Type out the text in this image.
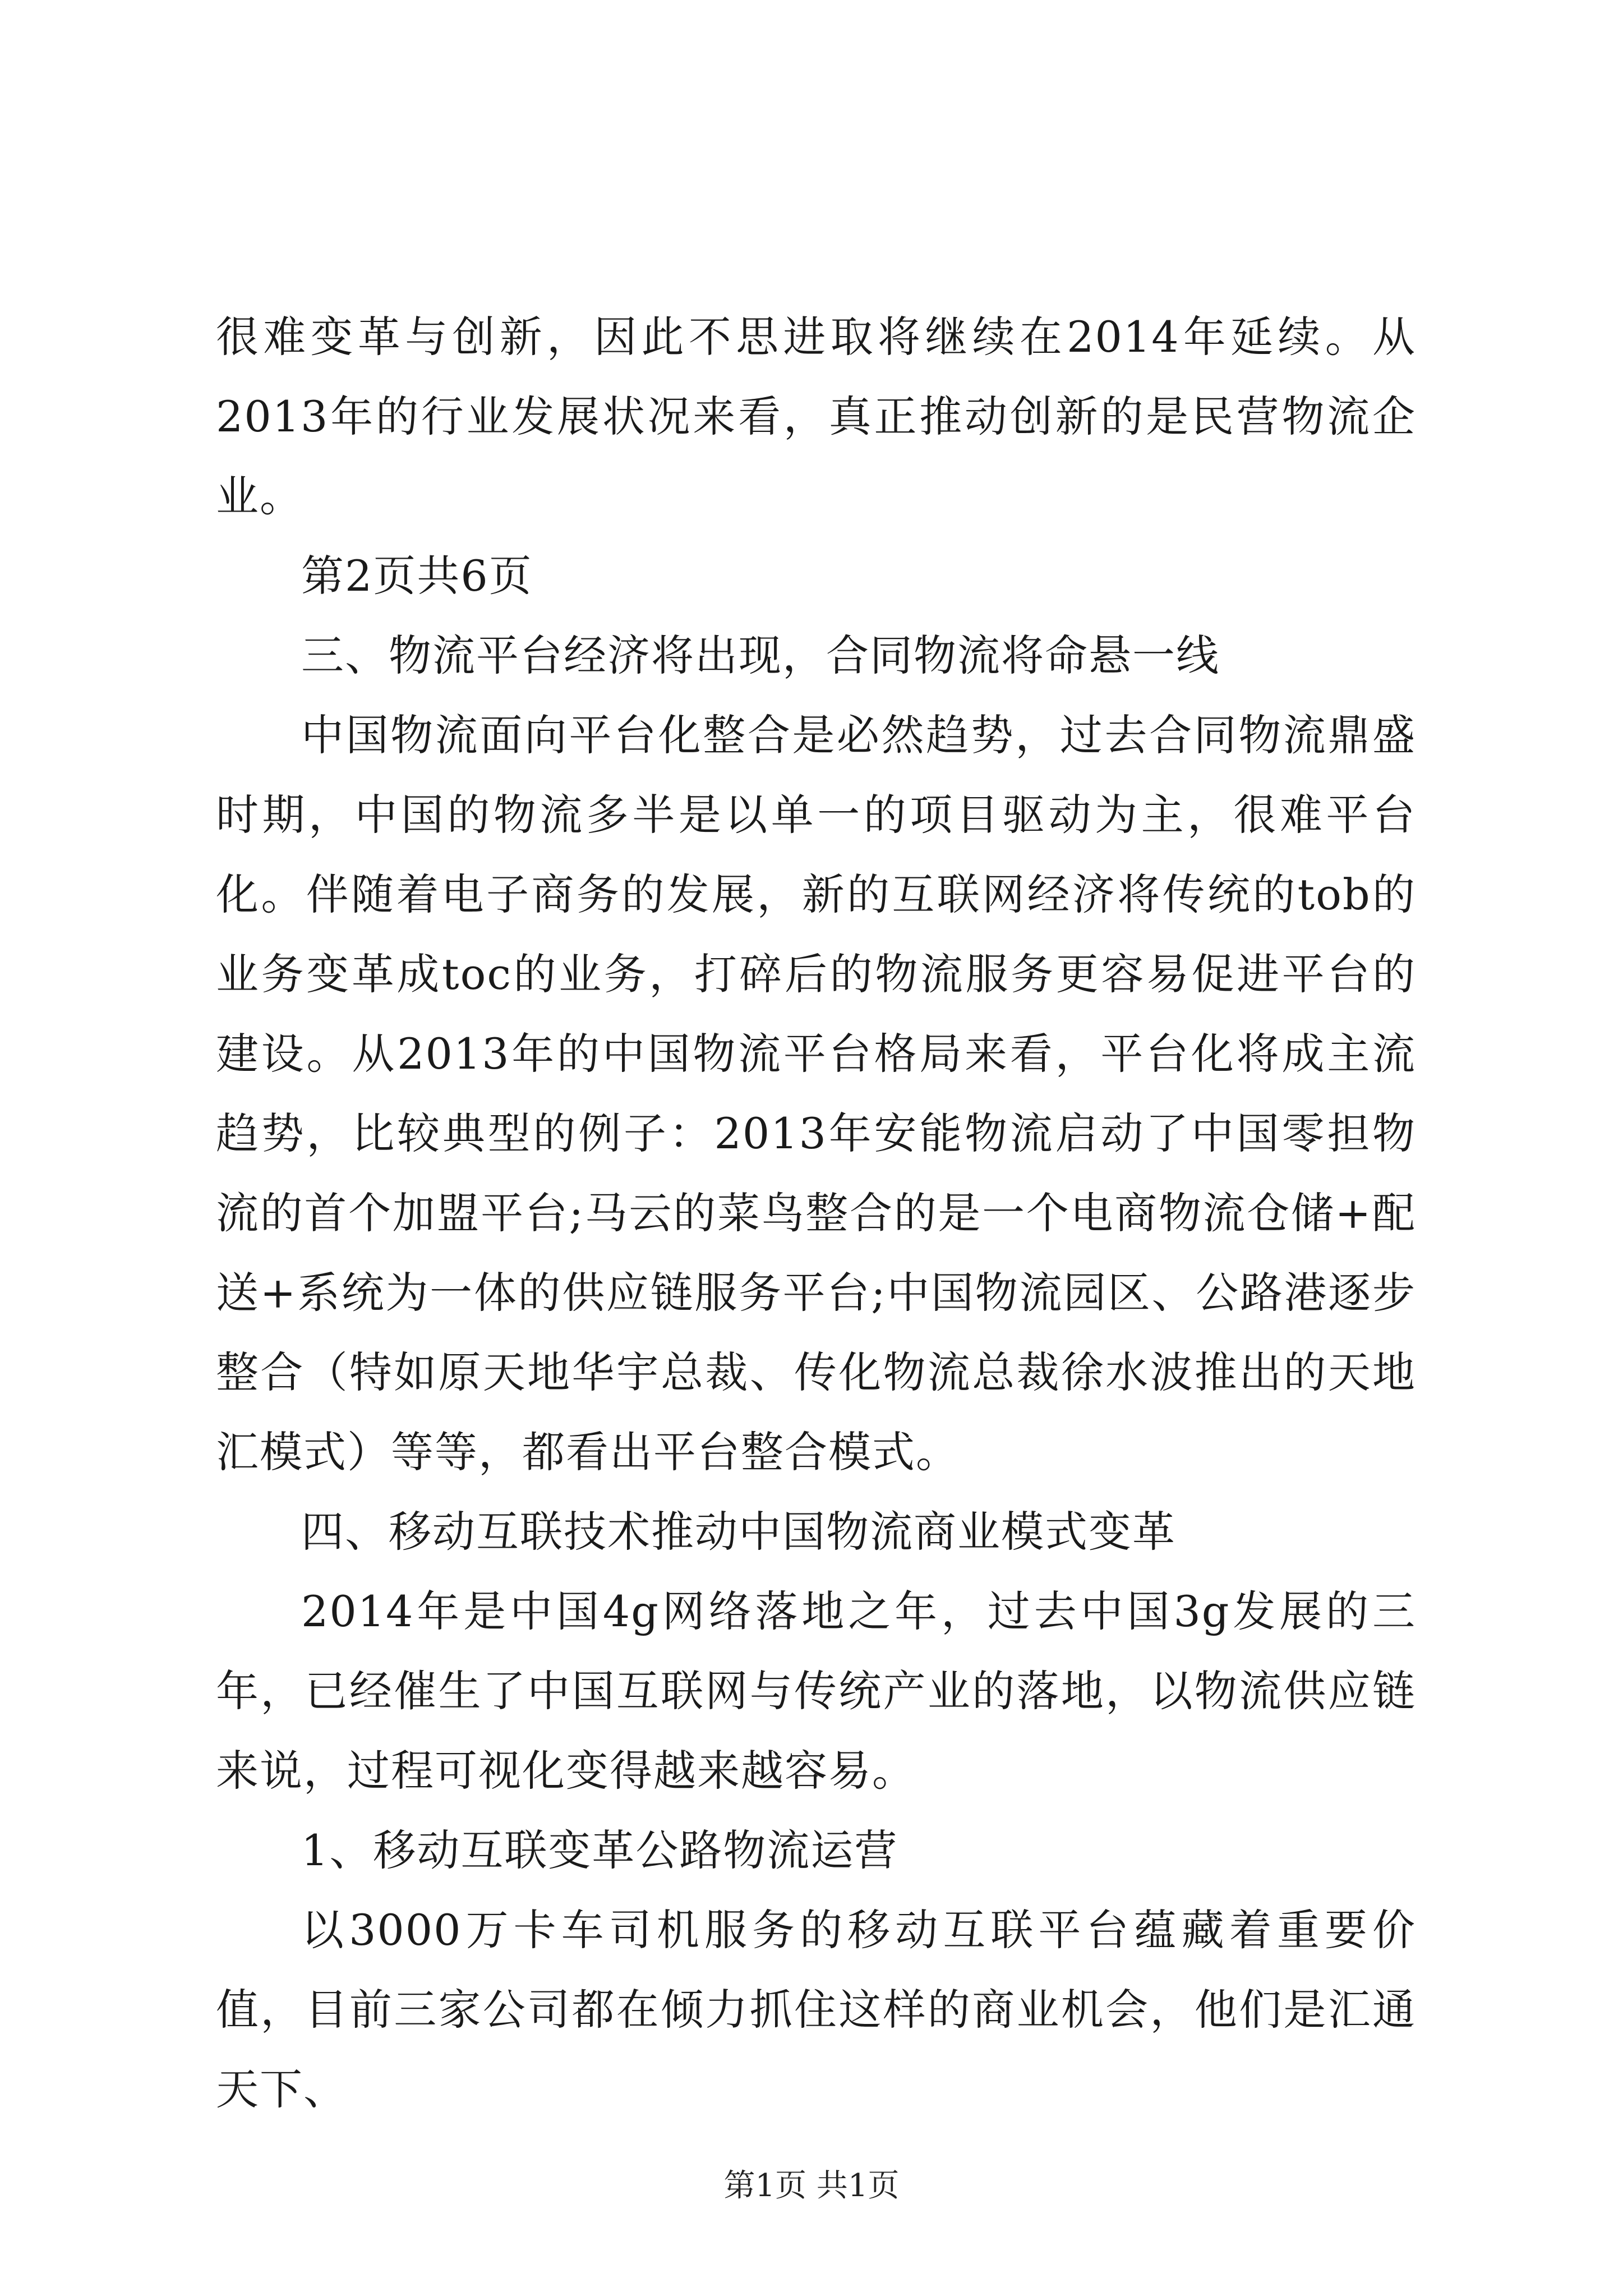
很难变革与创新，因此不思进取将继续在2014年延续。从2013年的行业发展状况来看，真正推动创新的是民营物流企业。

第2页共6页

三、物流平台经济将出现，合同物流将命悬一线

中国物流面向平台化整合是必然趋势，过去合同物流鼎盛时期，中国的物流多半是以单一的项目驱动为主，很难平台化。伴随着电子商务的发展，新的互联网经济将传统的tob的业务变革成toc的业务，打碎后的物流服务更容易促进平台的建设。从2013年的中国物流平台格局来看，平台化将成主流趋势，比较典型的例子：2013年安能物流启动了中国零担物流的首个加盟平台;马云的菜鸟整合的是一个电商物流仓储+配送+系统为一体的供应链服务平台;中国物流园区、公路港逐步整合（特如原天地华宇总裁、传化物流总裁徐水波推出的天地汇模式）等等，都看出平台整合模式。

四、移动互联技术推动中国物流商业模式变革

2014年是中国4g网络落地之年，过去中国3g发展的三年，已经催生了中国互联网与传统产业的落地，以物流供应链来说，过程可视化变得越来越容易。

1、移动互联变革公路物流运营

以3000万卡车司机服务的移动互联平台蕴藏着重要价值，目前三家公司都在倾力抓住这样的商业机会，他们是汇通天下、

第1页 共1页
